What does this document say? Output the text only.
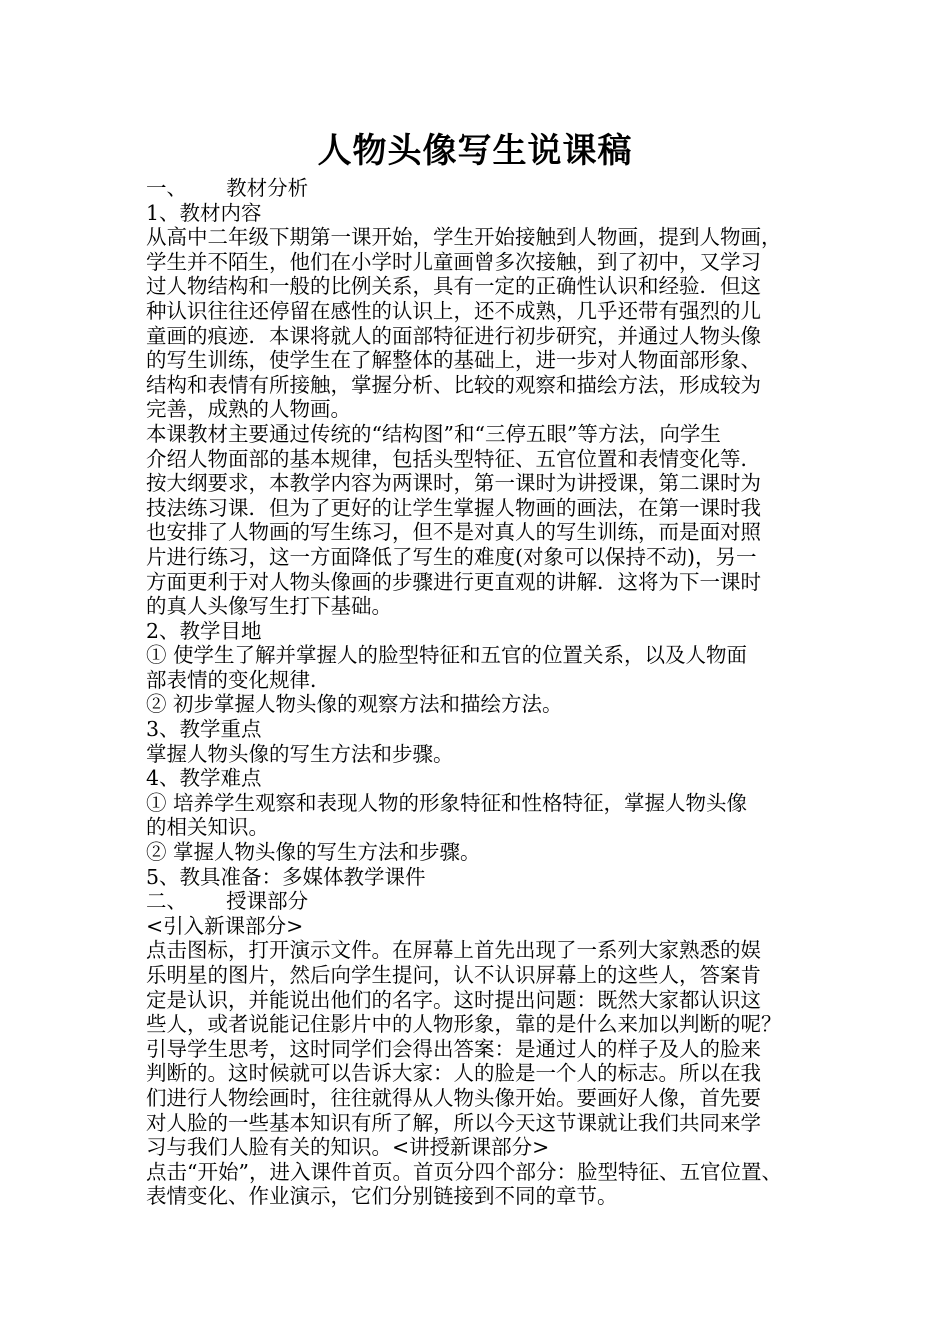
人物头像写生说课稿
一、      教材分析
1、教材内容
从高中二年级下期第一课开始，学生开始接触到人物画，提到人物画，
学生并不陌生，他们在小学时儿童画曾多次接触，到了初中，又学习
过人物结构和一般的比例关系，具有一定的正确性认识和经验．但这
种认识往往还停留在感性的认识上，还不成熟，几乎还带有强烈的儿
童画的痕迹．本课将就人的面部特征进行初步研究，并通过人物头像
的写生训练，使学生在了解整体的基础上，进一步对人物面部形象、
结构和表情有所接触，掌握分析、比较的观察和描绘方法，形成较为
完善，成熟的人物画。
本课教材主要通过传统的“结构图”和“三停五眼”等方法，向学生
介绍人物面部的基本规律，包括头型特征、五官位置和表情变化等．
按大纲要求，本教学内容为两课时，第一课时为讲授课，第二课时为
技法练习课．但为了更好的让学生掌握人物画的画法，在第一课时我
也安排了人物画的写生练习，但不是对真人的写生训练，而是面对照
片进行练习，这一方面降低了写生的难度(对象可以保持不动)，另一
方面更利于对人物头像画的步骤进行更直观的讲解．这将为下一课时
的真人头像写生打下基础。
2、教学目地
① 使学生了解并掌握人的脸型特征和五官的位置关系，以及人物面
部表情的变化规律．
② 初步掌握人物头像的观察方法和描绘方法。
3、教学重点
掌握人物头像的写生方法和步骤。
4、教学难点
① 培养学生观察和表现人物的形象特征和性格特征，掌握人物头像
的相关知识。
② 掌握人物头像的写生方法和步骤。
5、教具准备：多媒体教学课件
二、      授课部分
<引入新课部分>
点击图标，打开演示文件。在屏幕上首先出现了一系列大家熟悉的娱
乐明星的图片，然后向学生提问，认不认识屏幕上的这些人，答案肯
定是认识，并能说出他们的名字。这时提出问题：既然大家都认识这
些人，或者说能记住影片中的人物形象，靠的是什么来加以判断的呢？
引导学生思考，这时同学们会得出答案：是通过人的样子及人的脸来
判断的。这时候就可以告诉大家：人的脸是一个人的标志。所以在我
们进行人物绘画时，往往就得从人物头像开始。要画好人像，首先要
对人脸的一些基本知识有所了解，所以今天这节课就让我们共同来学
习与我们人脸有关的知识。<讲授新课部分>
点击“开始”，进入课件首页。首页分四个部分：脸型特征、五官位置、
表情变化、作业演示，它们分别链接到不同的章节。
